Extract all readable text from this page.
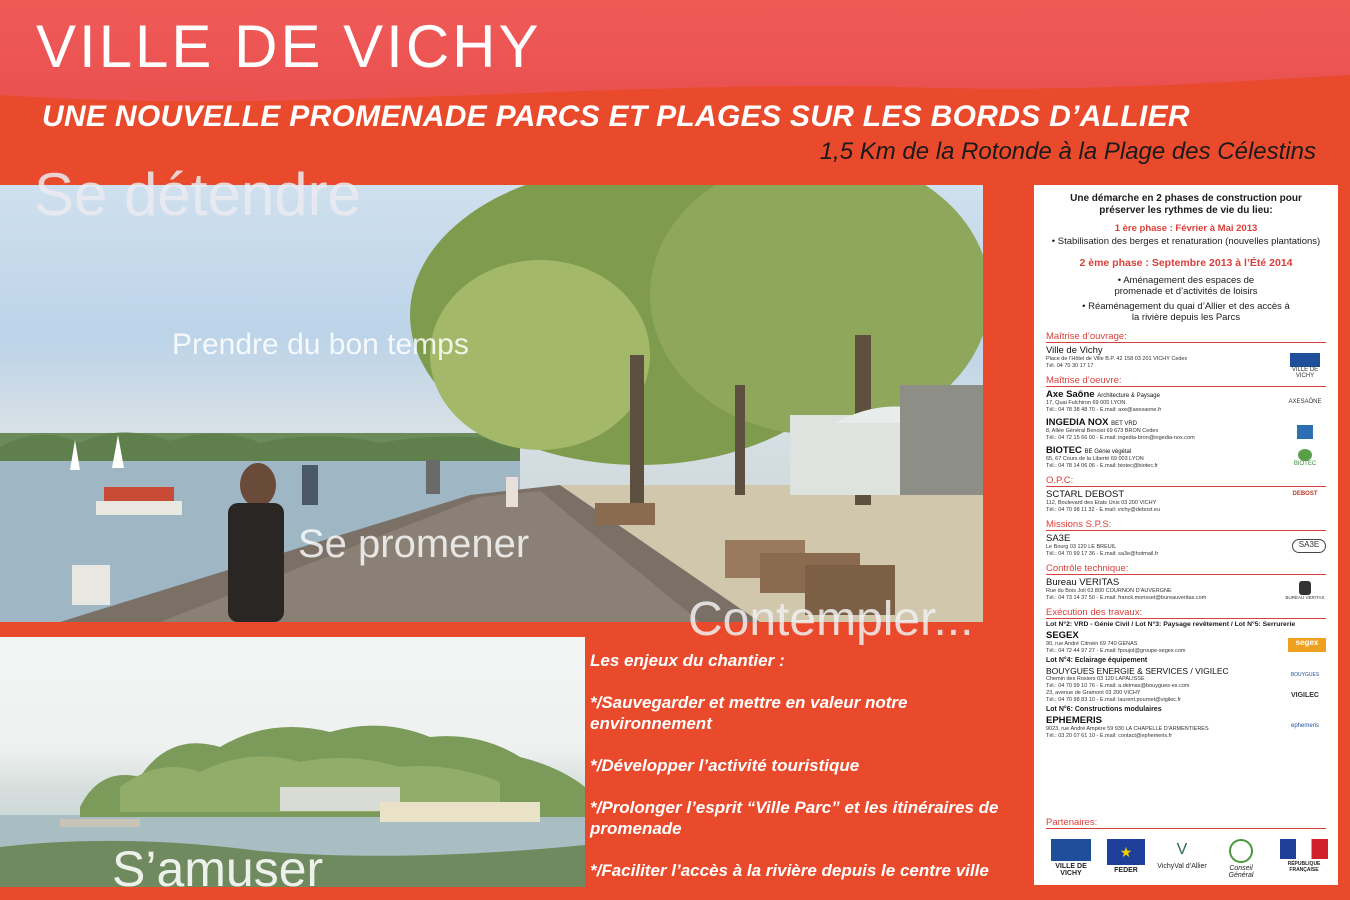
VILLE DE VICHY
UNE NOUVELLE PROMENADE PARCS ET PLAGES SUR LES BORDS D’ALLIER
1,5 Km de la Rotonde à la Plage des Célestins
Se détendre
Prendre du bon temps
Se promener
Contempler...
S’amuser
Les enjeux du chantier :
*/Sauvegarder et mettre en valeur notre environnement
*/Développer l’activité touristique
*/Prolonger l’esprit “Ville Parc” et les itinéraires de promenade
*/Faciliter l’accès à la rivière depuis le centre ville
Une démarche en 2 phases de construction pour préserver les rythmes de vie du lieu:
1 ère phase : Février à Mai 2013
• Stabilisation des berges et renaturation (nouvelles plantations)
2 ème phase : Septembre 2013 à l’Été 2014
• Aménagement des espaces de promenade et d’activités de loisirs
• Réaménagement du quai d’Allier et des accès à la rivière depuis les Parcs
Maîtrise d’ouvrage:
Ville de Vichy
Place de l’Hôtel de Ville B.P. 42 158 03 201 VICHY Cedex
Tél. 04 70 30 17 17
VILLE DE VICHY
Maîtrise d’oeuvre:
Axe Saône Architecture & Paysage
17, Quai Fulchiron 69 005 LYON
Tél.: 04 78 38 48 70 - E.mail: axe@axesaone.fr
AXESAÔNE
INGEDIA NOX BET VRD
8, Allée Général Benoist 69 673 BRON Cedex
Tél.: 04 72 15 66 00 - E.mail: ingedia-bron@ingedia-nox.com
BIOTEC BE Génie végétal
65, 67 Cours de la Liberté 69 003 LYON
Tél.: 04 78 14 06 06 - E.mail: biotec@biotec.fr	BIOTEC
O.P.C:
SCTARL DEBOST
112, Boulevard des Etats Unis 03 200 VICHY
Tél.: 04 70 98 11 32 - E.mail: vichy@debost.eu
DEBOST
Missions S.P.S:
SA3E
Le Bourg 03 120 LE BREUIL
Tél.: 04 70 99 17 36 - E.mail: sa3e@hotmail.fr
SA3E
Contrôle technique:
Bureau VERITAS
Rue du Bois Joli 63 800 COURNON D’AUVERGNE
Tél.: 04 73 14 37 50 - E.mail: franck.morisset@bureauveritas.com	BUREAU VERITAS
Exécution des travaux:
Lot N°2: VRD - Génie Civil / Lot N°3: Paysage revêtement / Lot N°5: Serrurerie
SEGEX
90, rue André Citroën 69 740 GENAS
Tél.: 04 72 44 97 27 - E.mail: fpoujol@groupe-segex.com
segex
Lot N°4: Eclairage équipement
BOUYGUES ENERGIE & SERVICES / VIGILEC
Chemin des Rosiers 03 120 LAPALISSE
Tél.: 04 70 99 10 76 - E.mail: a.delmas@bouygues-es.com
23, avenue de Gramont 03 200 VICHY
Tél.: 04 70 98 83 10 - E.mail: laurent.pournet@vigilec.fr
BOUYGUES
VIGILEC
Lot N°6: Constructions modulaires
EPHEMERIS
9023, rue André Ampère 59 930 LA CHAPELLE D’ARMENTIERES
Tél.: 03 20 07 61 10 - E.mail: contact@ephemeris.fr
ephemeris
Partenaires:
VILLE DE VICHY
★
FEDER
V
VichyVal d’Allier	Conseil Général
RÉPUBLIQUE FRANÇAISE
